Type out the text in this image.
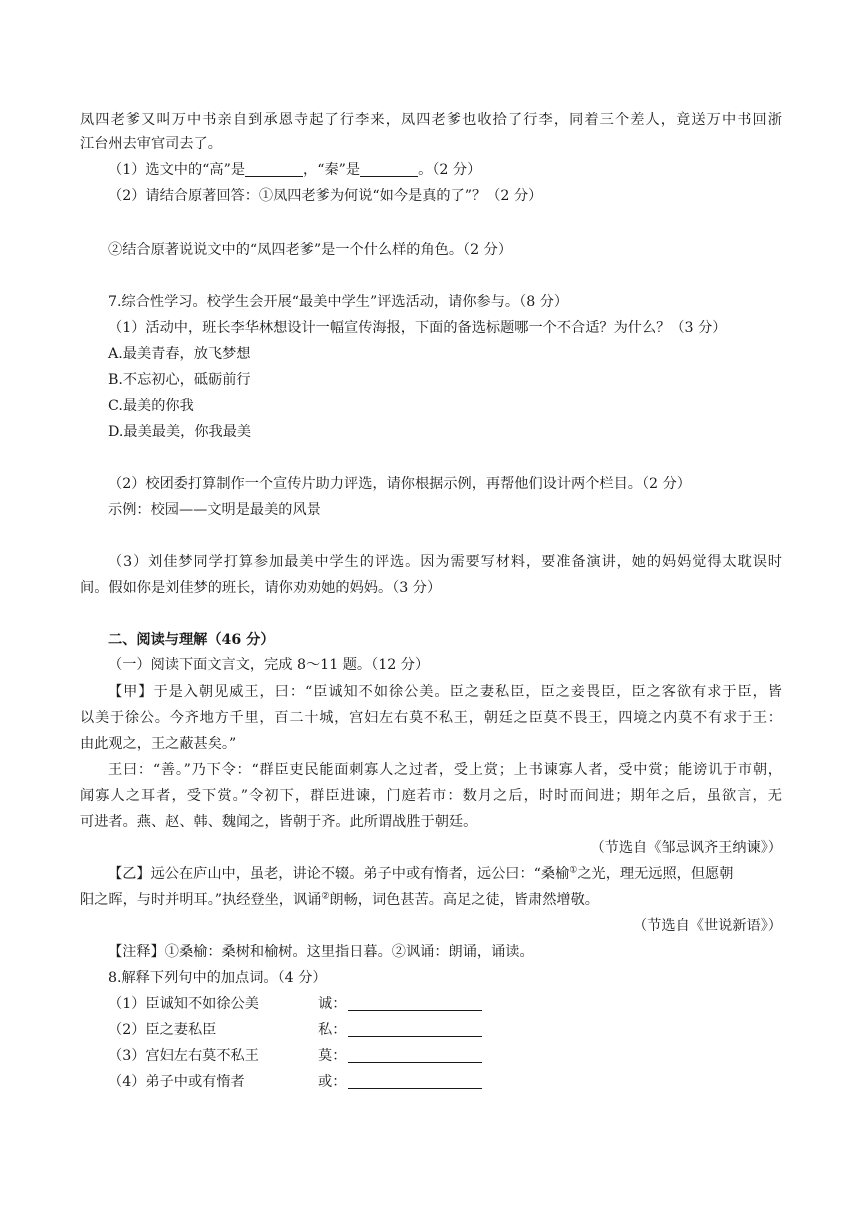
凤四老爹又叫万中书亲自到承恩寺起了行李来，凤四老爹也收拾了行李，同着三个差人，竟送万中书回浙
江台州去审官司去了。
（1）选文中的“高”是	，“秦”是	。（2 分）
（2）请结合原著回答：①凤四老爹为何说“如今是真的了”？（2 分）
②结合原著说说文中的“凤四老爹”是一个什么样的角色。（2 分）
7.综合性学习。校学生会开展“最美中学生”评选活动，请你参与。（8 分）
（1）活动中，班长李华林想设计一幅宣传海报，下面的备选标题哪一个不合适？为什么？（3 分）
A.最美青春，放飞梦想
B.不忘初心，砥砺前行
C.最美的你我
D.最美最美，你我最美
（2）校团委打算制作一个宣传片助力评选，请你根据示例，再帮他们设计两个栏目。（2 分）
示例：校园——文明是最美的风景
（3）刘佳梦同学打算参加最美中学生的评选。因为需要写材料，要准备演讲，她的妈妈觉得太耽误时
间。假如你是刘佳梦的班长，请你劝劝她的妈妈。（3 分）
二、阅读与理解（46 分）
（一）阅读下面文言文，完成 8～11 题。（12 分）
【甲】于是入朝见威王，曰：“臣诚知不如徐公美。臣之妻私臣，臣之妾畏臣，臣之客欲有求于臣，皆
以美于徐公。今齐地方千里，百二十城，宫妇左右莫不私王，朝廷之臣莫不畏王，四境之内莫不有求于王：
由此观之，王之蔽甚矣。”
王曰：“善。”乃下令：“群臣吏民能面刺寡人之过者，受上赏；上书谏寡人者，受中赏；能谤讥于市朝，
闻寡人之耳者，受下赏。”令初下，群臣进谏，门庭若市：数月之后，时时而间进；期年之后，虽欲言，无
可进者。燕、赵、韩、魏闻之，皆朝于齐。此所谓战胜于朝廷。
（节选自《邹忌讽齐王纳谏》）
【乙】远公在庐山中，虽老，讲论不辍。弟子中或有惰者，远公曰：“桑榆①之光，理无远照，但愿朝
阳之晖，与时并明耳。”执经登坐，讽诵②朗畅，词色甚苦。高足之徒，皆肃然增敬。
（节选自《世说新语》）
【注释】①桑榆：桑树和榆树。这里指日暮。②讽诵：朗诵，诵读。
8.解释下列句中的加点词。（4 分）
（1）臣诚知不如徐公美	诚：
（2）臣之妻私臣	私：
（3）宫妇左右莫不私王	莫：
（4）弟子中或有惰者	或：
